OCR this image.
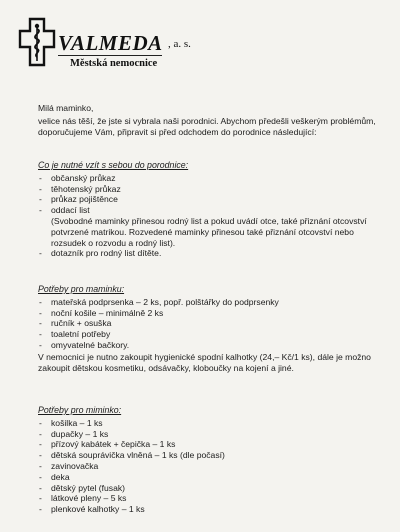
VALMEDA , a. s.
Městská nemocnice
Milá maminko,
velice nás těší, že jste si vybrala naši porodnici. Abychom předešli veškerým problémům, doporučujeme Vám, připravit si před odchodem do porodnice následující:
Co je nutné vzít s sebou do porodnice:
- občanský průkaz
- těhotenský průkaz
- průkaz pojištěnce
- oddací list
(Svobodné maminky přinesou rodný list a pokud uvádí otce, také přiznání otcovství potvrzené matrikou. Rozvedené maminky přinesou také přiznání otcovství nebo rozsudek o rozvodu a rodný list).
- dotazník pro rodný list dítěte.
Potřeby pro maminku:
- mateřská podprsenka – 2 ks, popř. polštářky do podprsenky
- noční košile – minimálně 2 ks
- ručník + osuška
- toaletní potřeby
- omyvatelné bačkory.
V nemocnici je nutno zakoupit hygienické spodní kalhotky (24,– Kč/1 ks), dále je možno zakoupit dětskou kosmetiku, odsávačky, kloboučky na kojení a jiné.
Potřeby pro miminko:
- košilka – 1 ks
- dupačky – 1 ks
- přízový kabátek + čepička – 1 ks
- dětská souprávička vlněná – 1 ks (dle počasí)
- zavinovačka
- deka
- dětský pytel (fusak)
- látkové pleny – 5 ks
- plenkové kalhotky – 1 ks
